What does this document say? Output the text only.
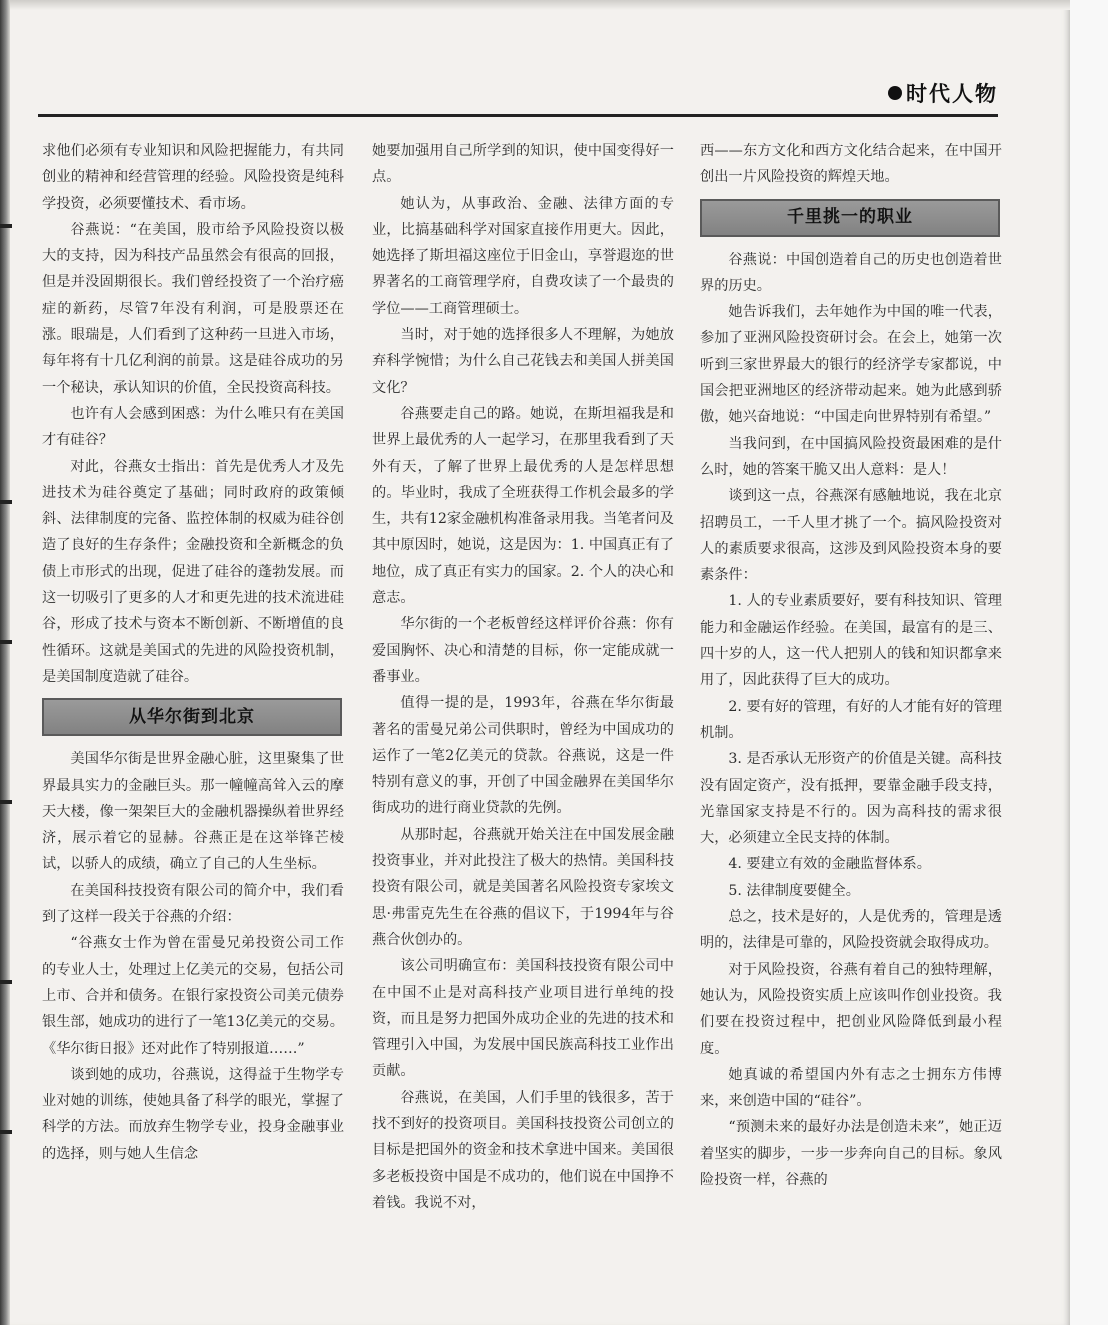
时代人物

求他们必须有专业知识和风险把握能力，有共同创业的精神和经营管理的经验。风险投资是纯科学投资，必须要懂技术、看市场。

谷燕说：“在美国，股市给予风险投资以极大的支持，因为科技产品虽然会有很高的回报，但是并没固期很长。我们曾经投资了一个治疗癌症的新药，尽管7年没有利润，可是股票还在涨。眼瑞是，人们看到了这种药一旦进入市场，每年将有十几亿利润的前景。这是硅谷成功的另一个秘诀，承认知识的价值，全民投资高科技。

也许有人会感到困惑：为什么唯只有在美国才有硅谷？

对此，谷燕女士指出：首先是优秀人才及先进技术为硅谷奠定了基础；同时政府的政策倾斜、法律制度的完备、监控体制的权威为硅谷创造了良好的生存条件；金融投资和全新概念的负债上市形式的出现，促进了硅谷的蓬勃发展。而这一切吸引了更多的人才和更先进的技术流进硅谷，形成了技术与资本不断创新、不断增值的良性循环。这就是美国式的先进的风险投资机制，是美国制度造就了硅谷。

从华尔街到北京

美国华尔街是世界金融心脏，这里聚集了世界最具实力的金融巨头。那一幢幢高耸入云的摩天大楼，像一架架巨大的金融机器操纵着世界经济，展示着它的显赫。谷燕正是在这举锋芒棱试，以骄人的成绩，确立了自己的人生坐标。

在美国科技投资有限公司的简介中，我们看到了这样一段关于谷燕的介绍：

“谷燕女士作为曾在雷曼兄弟投资公司工作的专业人士，处理过上亿美元的交易，包括公司上市、合并和债务。在银行家投资公司美元债券银生部，她成功的进行了一笔13亿美元的交易。《华尔街日报》还对此作了特别报道……”

谈到她的成功，谷燕说，这得益于生物学专业对她的训练，使她具备了科学的眼光，掌握了科学的方法。而放弃生物学专业，投身金融事业的选择，则与她人生信念

她要加强用自己所学到的知识，使中国变得好一点。

她认为，从事政治、金融、法律方面的专业，比搞基础科学对国家直接作用更大。因此，她选择了斯坦福这座位于旧金山，享誉遐迩的世界著名的工商管理学府，自费攻读了一个最贵的学位——工商管理硕士。

当时，对于她的选择很多人不理解，为她放弃科学惋惜；为什么自己花钱去和美国人拼美国文化？

谷燕要走自己的路。她说，在斯坦福我是和世界上最优秀的人一起学习，在那里我看到了天外有天，了解了世界上最优秀的人是怎样思想的。毕业时，我成了全班获得工作机会最多的学生，共有12家金融机构准备录用我。当笔者问及其中原因时，她说，这是因为：1. 中国真正有了地位，成了真正有实力的国家。2. 个人的决心和意志。

华尔街的一个老板曾经这样评价谷燕：你有爱国胸怀、决心和清楚的目标，你一定能成就一番事业。

值得一提的是，1993年，谷燕在华尔街最著名的雷曼兄弟公司供职时，曾经为中国成功的运作了一笔2亿美元的贷款。谷燕说，这是一件特别有意义的事，开创了中国金融界在美国华尔街成功的进行商业贷款的先例。

从那时起，谷燕就开始关注在中国发展金融投资事业，并对此投注了极大的热情。美国科技投资有限公司，就是美国著名风险投资专家埃文思·弗雷克先生在谷燕的倡议下，于1994年与谷燕合伙创办的。

该公司明确宣布：美国科技投资有限公司中在中国不止是对高科技产业项目进行单纯的投资，而且是努力把国外成功企业的先进的技术和管理引入中国，为发展中国民族高科技工业作出贡献。

谷燕说，在美国，人们手里的钱很多，苦于找不到好的投资项目。美国科技投资公司创立的目标是把国外的资金和技术拿进中国来。美国很多老板投资中国是不成功的，他们说在中国挣不着钱。我说不对，

西——东方文化和西方文化结合起来，在中国开创出一片风险投资的辉煌天地。

千里挑一的职业

谷燕说：中国创造着自己的历史也创造着世界的历史。

她告诉我们，去年她作为中国的唯一代表，参加了亚洲风险投资研讨会。在会上，她第一次听到三家世界最大的银行的经济学专家都说，中国会把亚洲地区的经济带动起来。她为此感到骄傲，她兴奋地说：“中国走向世界特别有希望。”

当我问到，在中国搞风险投资最困难的是什么时，她的答案干脆又出人意料：是人！

谈到这一点，谷燕深有感触地说，我在北京招聘员工，一千人里才挑了一个。搞风险投资对人的素质要求很高，这涉及到风险投资本身的要素条件：

1. 人的专业素质要好，要有科技知识、管理能力和金融运作经验。在美国，最富有的是三、四十岁的人，这一代人把别人的钱和知识都拿来用了，因此获得了巨大的成功。

2. 要有好的管理，有好的人才能有好的管理机制。

3. 是否承认无形资产的价值是关键。高科技没有固定资产，没有抵押，要靠金融手段支持，光靠国家支持是不行的。因为高科技的需求很大，必须建立全民支持的体制。

4. 要建立有效的金融监督体系。

5. 法律制度要健全。

总之，技术是好的，人是优秀的，管理是透明的，法律是可靠的，风险投资就会取得成功。

对于风险投资，谷燕有着自己的独特理解，她认为，风险投资实质上应该叫作创业投资。我们要在投资过程中，把创业风险降低到最小程度。

她真诚的希望国内外有志之士拥东方伟博来，来创造中国的“硅谷”。

“预测未来的最好办法是创造未来”，她正迈着坚实的脚步，一步一步奔向自己的目标。象风险投资一样，谷燕的
